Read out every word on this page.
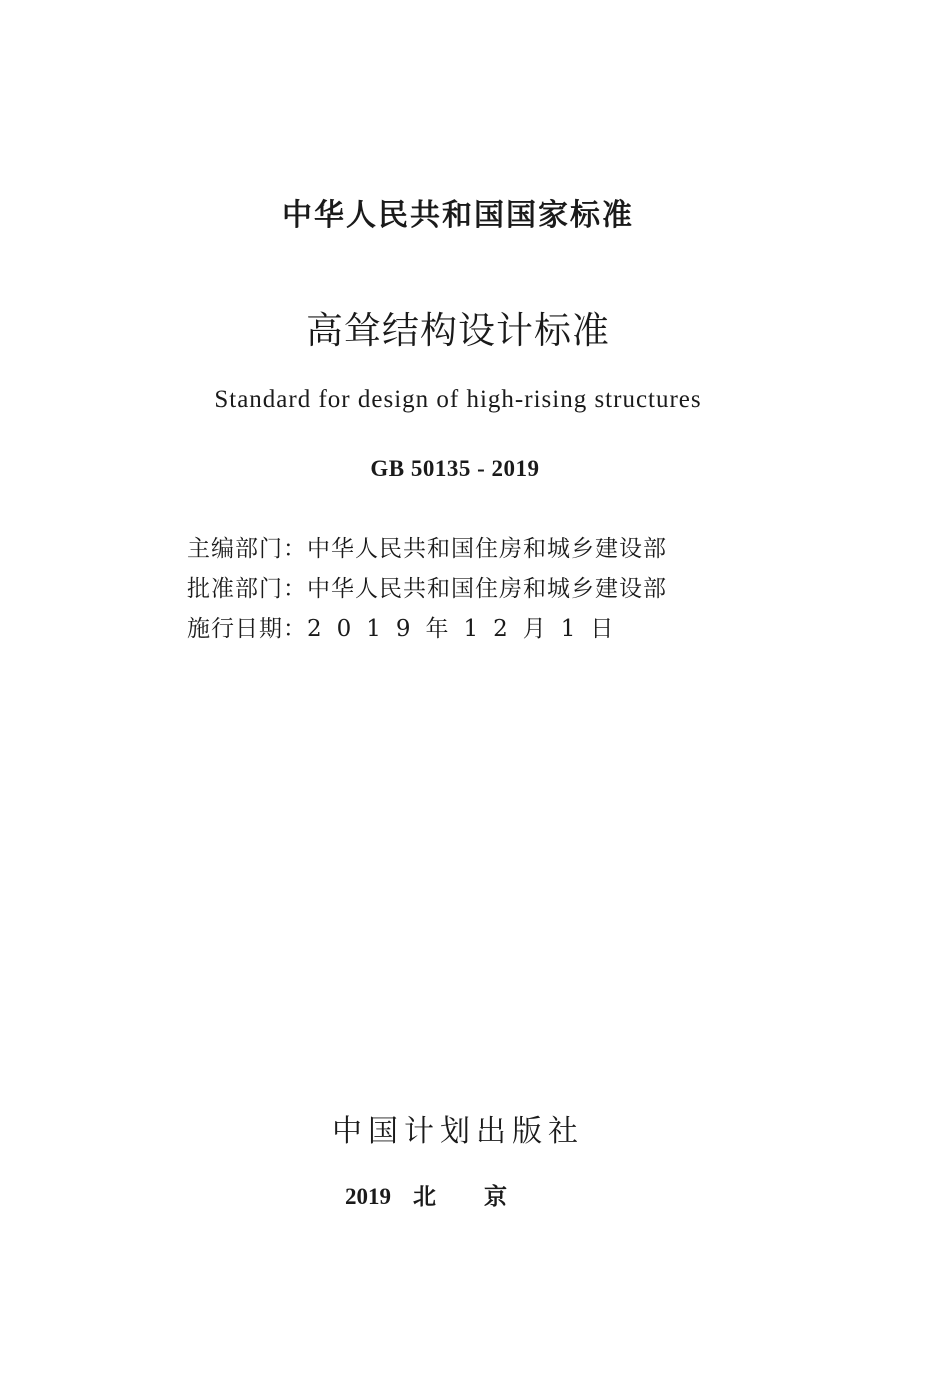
中华人民共和国国家标准
高耸结构设计标准
Standard for design of high-rising structures
GB 50135 - 2019
主编部门： 中华人民共和国住房和城乡建设部
批准部门： 中华人民共和国住房和城乡建设部
施行日期： 2019年12月1日
中国计划出版社
2019 北京
